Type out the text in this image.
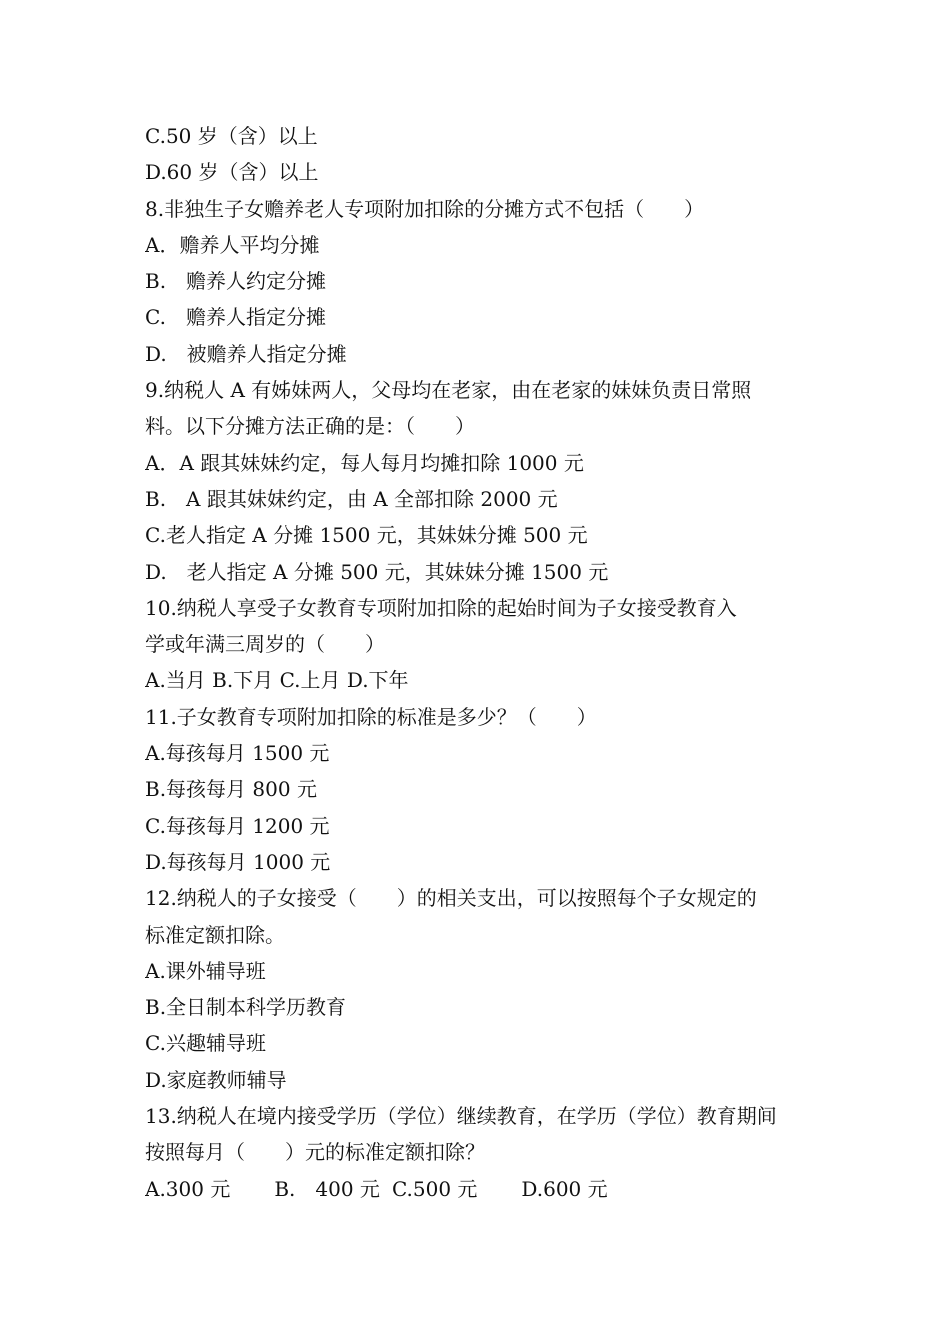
C.50 岁（含）以上
D.60 岁（含）以上
8.非独生子女赡养老人专项附加扣除的分摊方式不包括（　　）
A．赡养人平均分摊
B.　赡养人约定分摊
C.　赡养人指定分摊
D.　被赡养人指定分摊
9.纳税人 A 有姊妹两人，父母均在老家，由在老家的妹妹负责日常照
料。以下分摊方法正确的是：（　　）
A．A 跟其妹妹约定，每人每月均摊扣除 1000 元
B.　A 跟其妹妹约定，由 A 全部扣除 2000 元
C.老人指定 A 分摊 1500 元，其妹妹分摊 500 元
D.　老人指定 A 分摊 500 元，其妹妹分摊 1500 元
10.纳税人享受子女教育专项附加扣除的起始时间为子女接受教育入
学或年满三周岁的（　　）
A.当月 B.下月 C.上月 D.下年
11.子女教育专项附加扣除的标准是多少？（　　）
A.每孩每月 1500 元
B.每孩每月 800 元
C.每孩每月 1200 元
D.每孩每月 1000 元
12.纳税人的子女接受（　　）的相关支出，可以按照每个子女规定的
标准定额扣除。
A.课外辅导班
B.全日制本科学历教育
C.兴趣辅导班
D.家庭教师辅导
13.纳税人在境内接受学历（学位）继续教育，在学历（学位）教育期间
按照每月（　　）元的标准定额扣除？
A.300 元 B.　400 元 C.500 元 D.600 元
